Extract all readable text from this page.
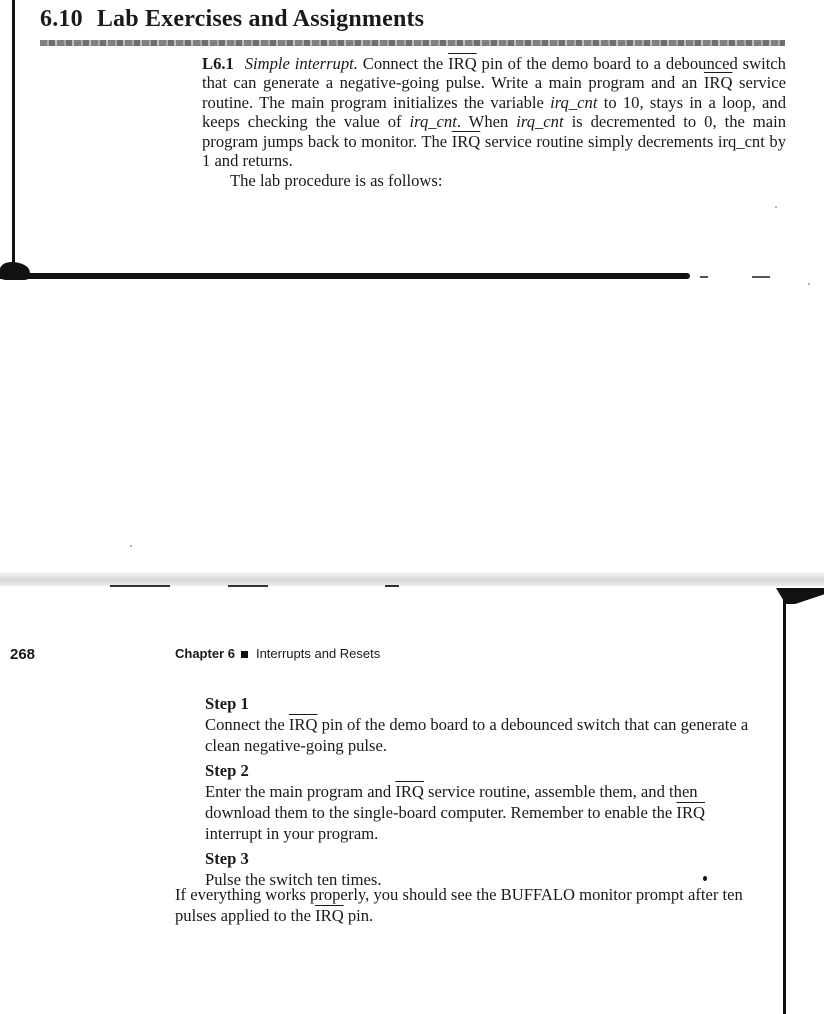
6.10 Lab Exercises and Assignments

L6.1 Simple interrupt. Connect the $\overline{IRQ}$ pin of the demo board to a debounced switch that can generate a negative-going pulse. Write a main program and an $\overline{IRQ}$ service routine. The main program initializes the variable irq_cnt to 10, stays in a loop, and keeps checking the value of irq_cnt. When irq_cnt is decremented to 0, the main program jumps back to monitor. The $\overline{IRQ}$ service routine simply decrements irq_cnt by 1 and returns.

The lab procedure is as follows:

268	Chapter 6 Interrupts and Resets

Step 1
Connect the $\overline{IRQ}$ pin of the demo board to a debounced switch that can generate a clean negative-going pulse.

Step 2
Enter the main program and $\overline{IRQ}$ service routine, assemble them, and then download them to the single-board computer. Remember to enable the $\overline{IRQ}$ interrupt in your program.

Step 3
Pulse the switch ten times.

If everything works properly, you should see the BUFFALO monitor prompt after ten pulses applied to the $\overline{IRQ}$ pin.
